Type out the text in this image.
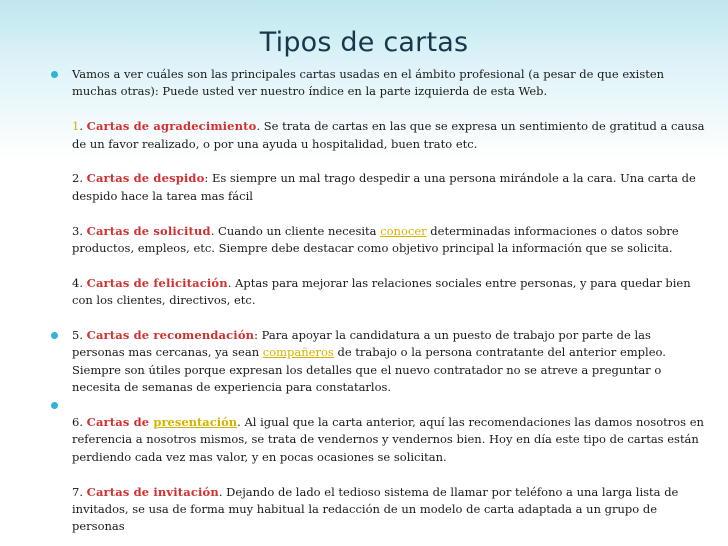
Tipos de cartas

Vamos a ver cuáles son las principales cartas usadas en el ámbito profesional (a pesar de que existen muchas otras): Puede usted ver nuestro índice en la parte izquierda de esta Web.

1. Cartas de agradecimiento. Se trata de cartas en las que se expresa un sentimiento de gratitud a causa de un favor realizado, o por una ayuda u hospitalidad, buen trato etc.

2. Cartas de despido: Es siempre un mal trago despedir a una persona mirándole a la cara. Una carta de despido hace la tarea mas fácil

3. Cartas de solicitud. Cuando un cliente necesita conocer determinadas informaciones o datos sobre productos, empleos, etc. Siempre debe destacar como objetivo principal la información que se solicita.

4. Cartas de felicitación. Aptas para mejorar las relaciones sociales entre personas, y para quedar bien con los clientes, directivos, etc.

5. Cartas de recomendación: Para apoyar la candidatura a un puesto de trabajo por parte de las personas mas cercanas, ya sean compañeros de trabajo o la persona contratante del anterior empleo. Siempre son útiles porque expresan los detalles que el nuevo contratador no se atreve a preguntar o necesita de semanas de experiencia para constatarlos.

6. Cartas de presentación. Al igual que la carta anterior, aquí las recomendaciones las damos nosotros en referencia a nosotros mismos, se trata de vendernos y vendernos bien. Hoy en día este tipo de cartas están perdiendo cada vez mas valor, y en pocas ocasiones se solicitan.

7. Cartas de invitación. Dejando de lado el tedioso sistema de llamar por teléfono a una larga lista de invitados, se usa de forma muy habitual la redacción de un modelo de carta adaptada a un grupo de personas
